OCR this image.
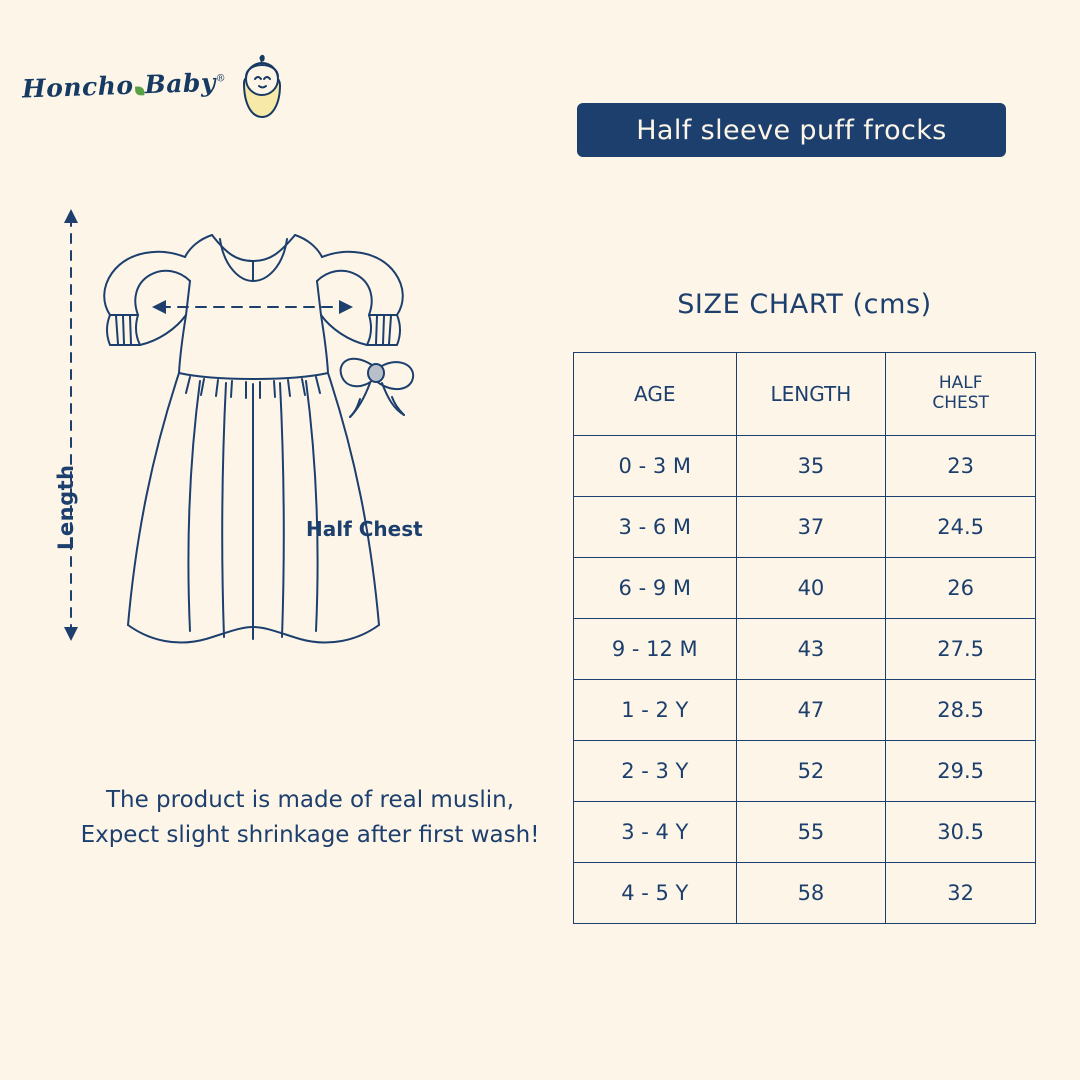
Honcho Baby®
Half sleeve puff frocks
Length	Half Chest
The product is made of real muslin,
Expect slight shrinkage after first wash!
SIZE CHART (cms)
AGE	LENGTH	HALF
CHEST
0 - 3 M	35	23
3 - 6 M	37	24.5
6 - 9 M	40	26
9 - 12 M	43	27.5
1 - 2 Y	47	28.5
2 - 3 Y	52	29.5
3 - 4 Y	55	30.5
4 - 5 Y	58	32
